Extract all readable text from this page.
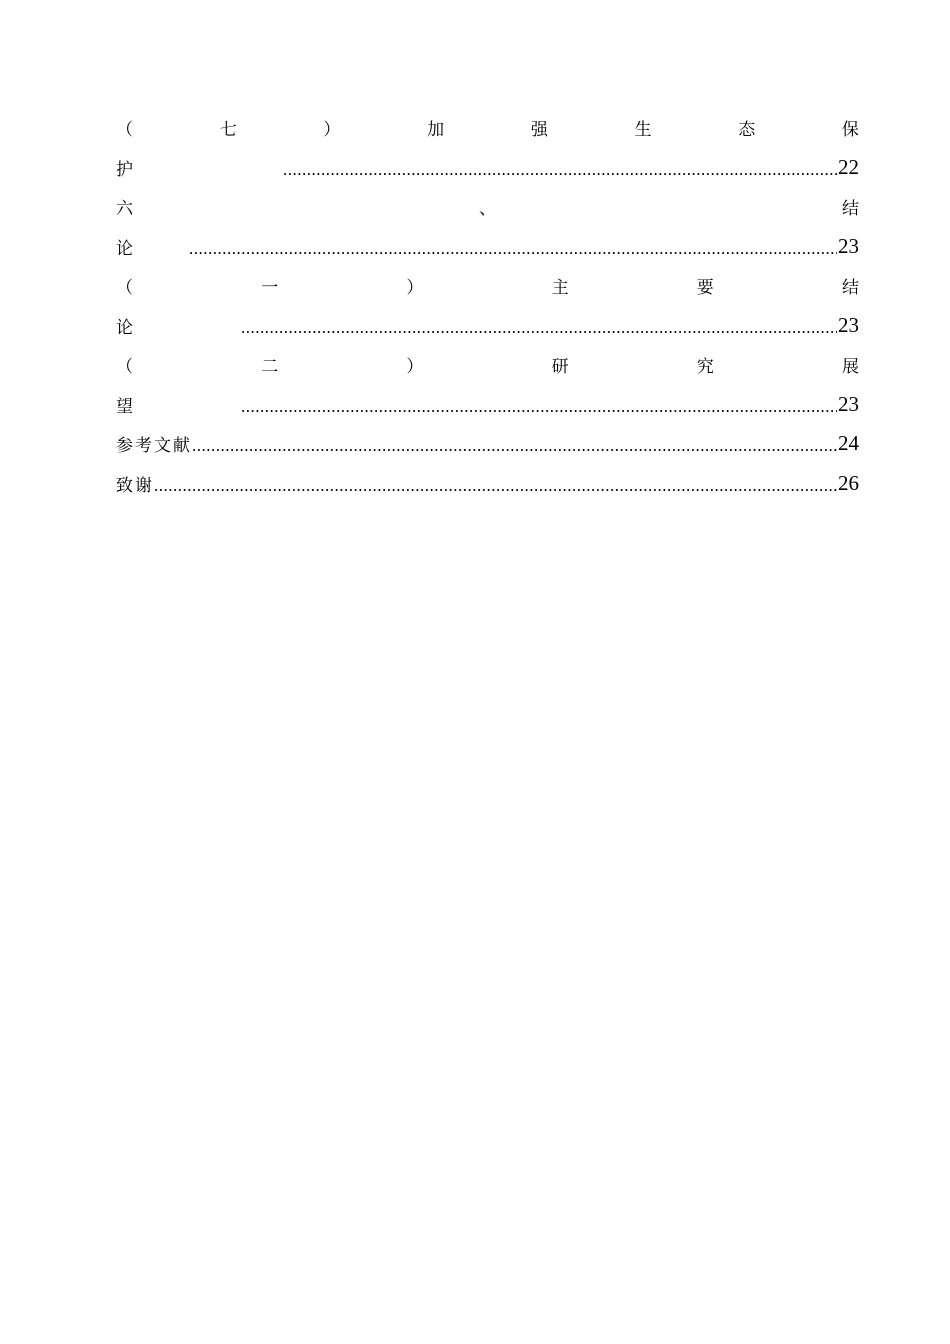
（	七	）	加	强	生	态	保
护 .....	22
六	、	结
论 .....	23
（	一	）	主	要	结
论 .....	23
（	二	）	研	究	展
望 .....	23
参考文献 .....	24
致谢 .....	26
